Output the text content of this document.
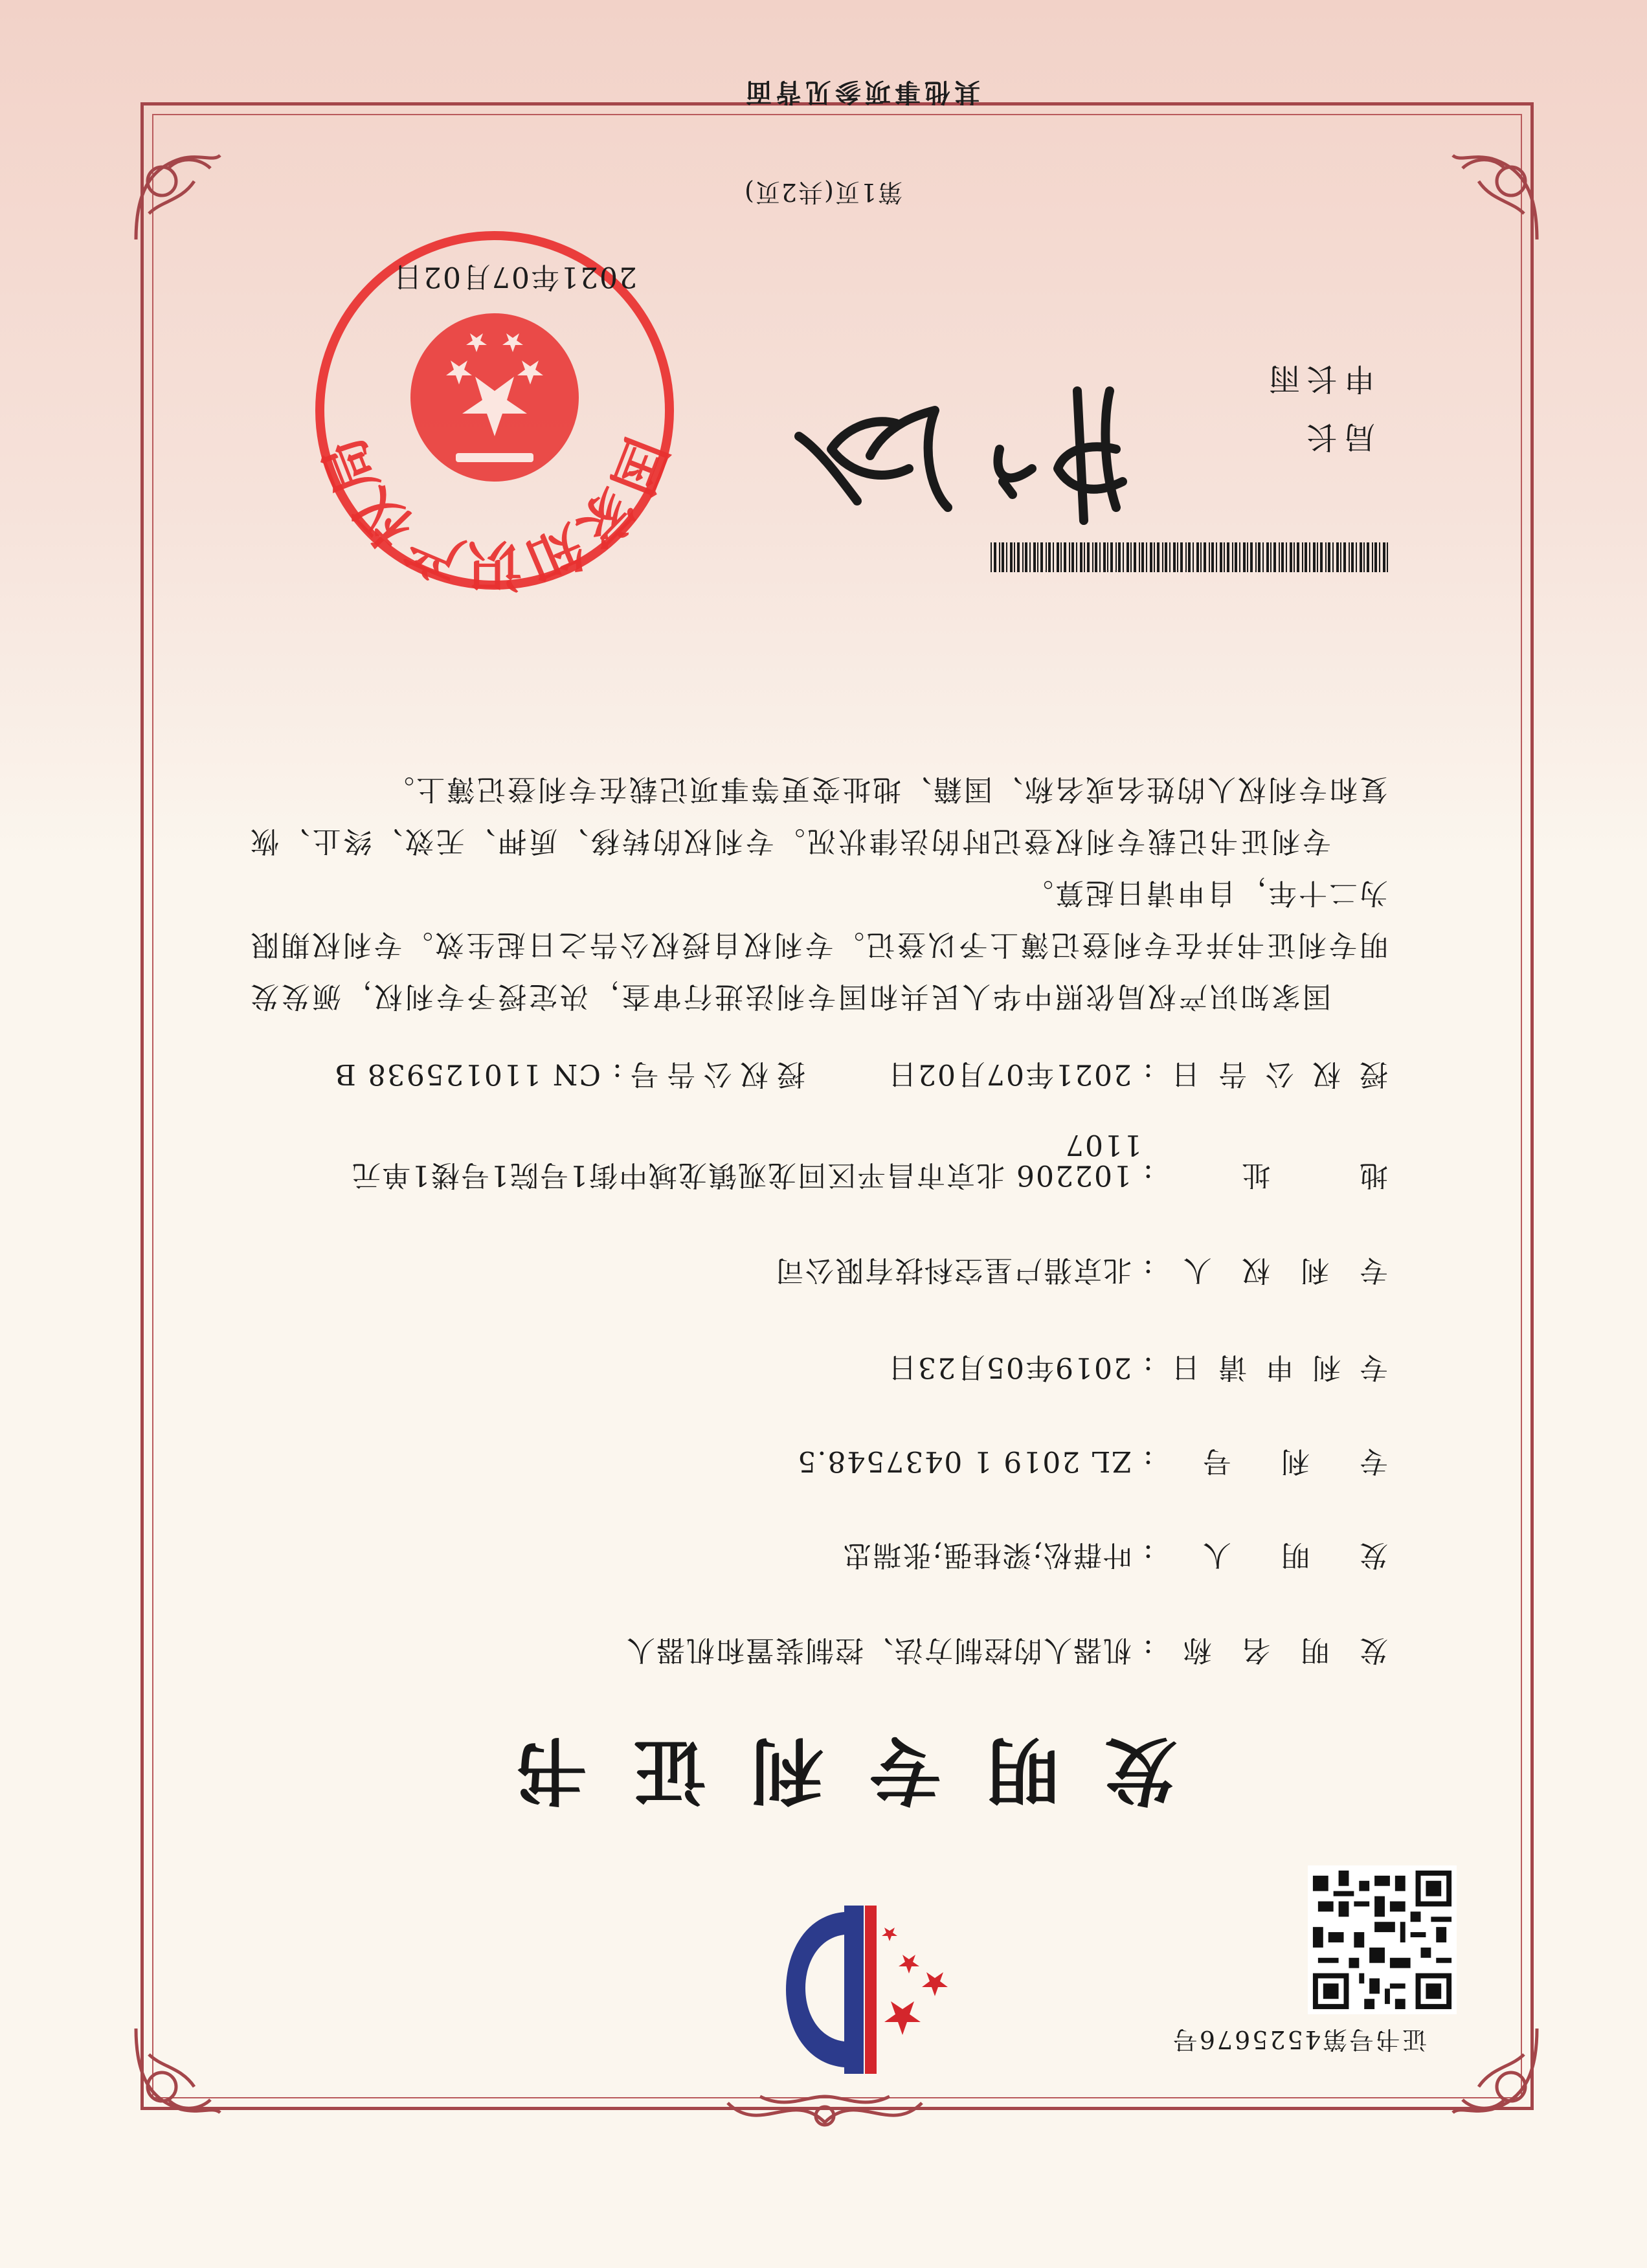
证书号第4525676号
发明专利证书
发明名称: 机器人的控制方法、控制装置和机器人
发明人: 叶群松;梁桂强;张瑞忠
专利号: ZL 2019 1 0437548.5
专利申请日: 2019年05月23日
专利权人: 北京猎户星空科技有限公司
地址: 102206 北京市昌平区回龙观镇龙域中街1号院1号楼1单元
1107
授权公告日: 2021年07月02日
授权公告号: CN 110125938 B
国家知识产权局依照中华人民共和国专利法进行审查，决定授予专利权，颁发发明专利证书并在专利登记簿上予以登记。专利权自授权公告之日起生效。专利权期限为二十年，自申请日起算。
专利证书记载专利权登记时的法律状况。专利权的转移、质押、无效、终止、恢复和专利权人的姓名或名称、国籍、地址变更等事项记载在专利登记簿上。
局长
申长雨
国家知识产权局
2021年07月02日
第1页(共2页)
其他事项参见背面
